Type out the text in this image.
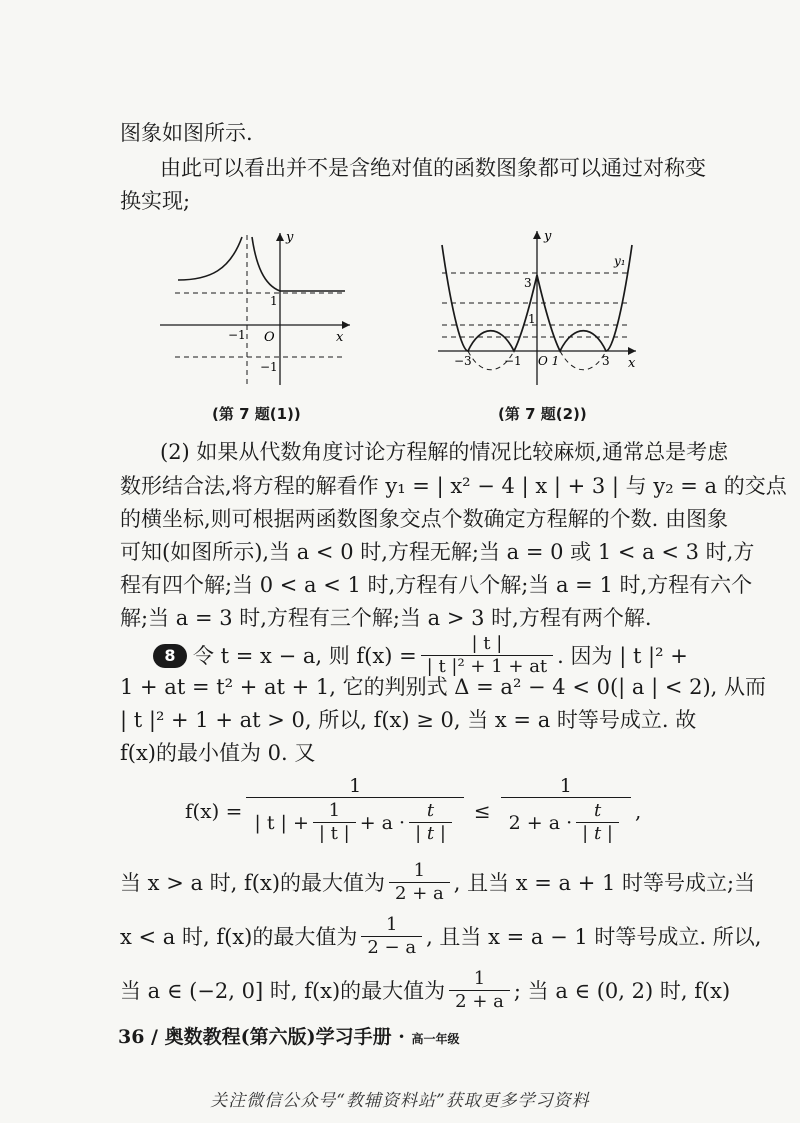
图象如图所示.
由此可以看出并不是含绝对值的函数图象都可以通过对称变
换实现;
y
x
O
−1
1
−1
(第 7 题(1))
y
x
y₁
3
1
−3	−1 O 1	3
(第 7 题(2))
(2) 如果从代数角度讨论方程解的情况比较麻烦,通常总是考虑
数形结合法,将方程的解看作 y₁ = | x² − 4 | x | + 3 | 与 y₂ = a 的交点
的横坐标,则可根据两函数图象交点个数确定方程解的个数. 由图象
可知(如图所示),当 a < 0 时,方程无解;当 a = 0 或 1 < a < 3 时,方
程有四个解;当 0 < a < 1 时,方程有八个解;当 a = 1 时,方程有六个
解;当 a = 3 时,方程有三个解;当 a > 3 时,方程有两个解.
8 令 t = x − a, 则 $f(x) = \frac{| t |}{\text{| t |² + 1 + at}}$ . 因为 | t |² +
1 + at = t² + at + 1, 它的判别式 Δ = a² − 4 < 0(| a | < 2), 从而
| t |² + 1 + at > 0, 所以, f(x) ≥ 0, 当 x = a 时等号成立. 故
f(x)的最小值为 0. 又
f(x) =
1
| t | + $\frac{1}{| t |} + a \cdot \frac{t}{| t |} \le \frac{1}{2 + a \cdot \frac{t}{| t |}}$ ,
当 x > a 时, f(x)的最大值为 $\frac{1}{2 + a}$ , 且当 x = a + 1 时等号成立;当
x < a 时, f(x)的最大值为 $\frac{1}{2 - a}$ , 且当 x = a − 1 时等号成立. 所以,
当 a ∈ (−2, 0] 时, f(x)的最大值为 $\frac{1}{2 + a}$ ; 当 a ∈ (0, 2) 时, f(x)
36 / 奥数教程(第六版)学习手册 · 高一年级
关注微信公众号“教辅资料站”获取更多学习资料
